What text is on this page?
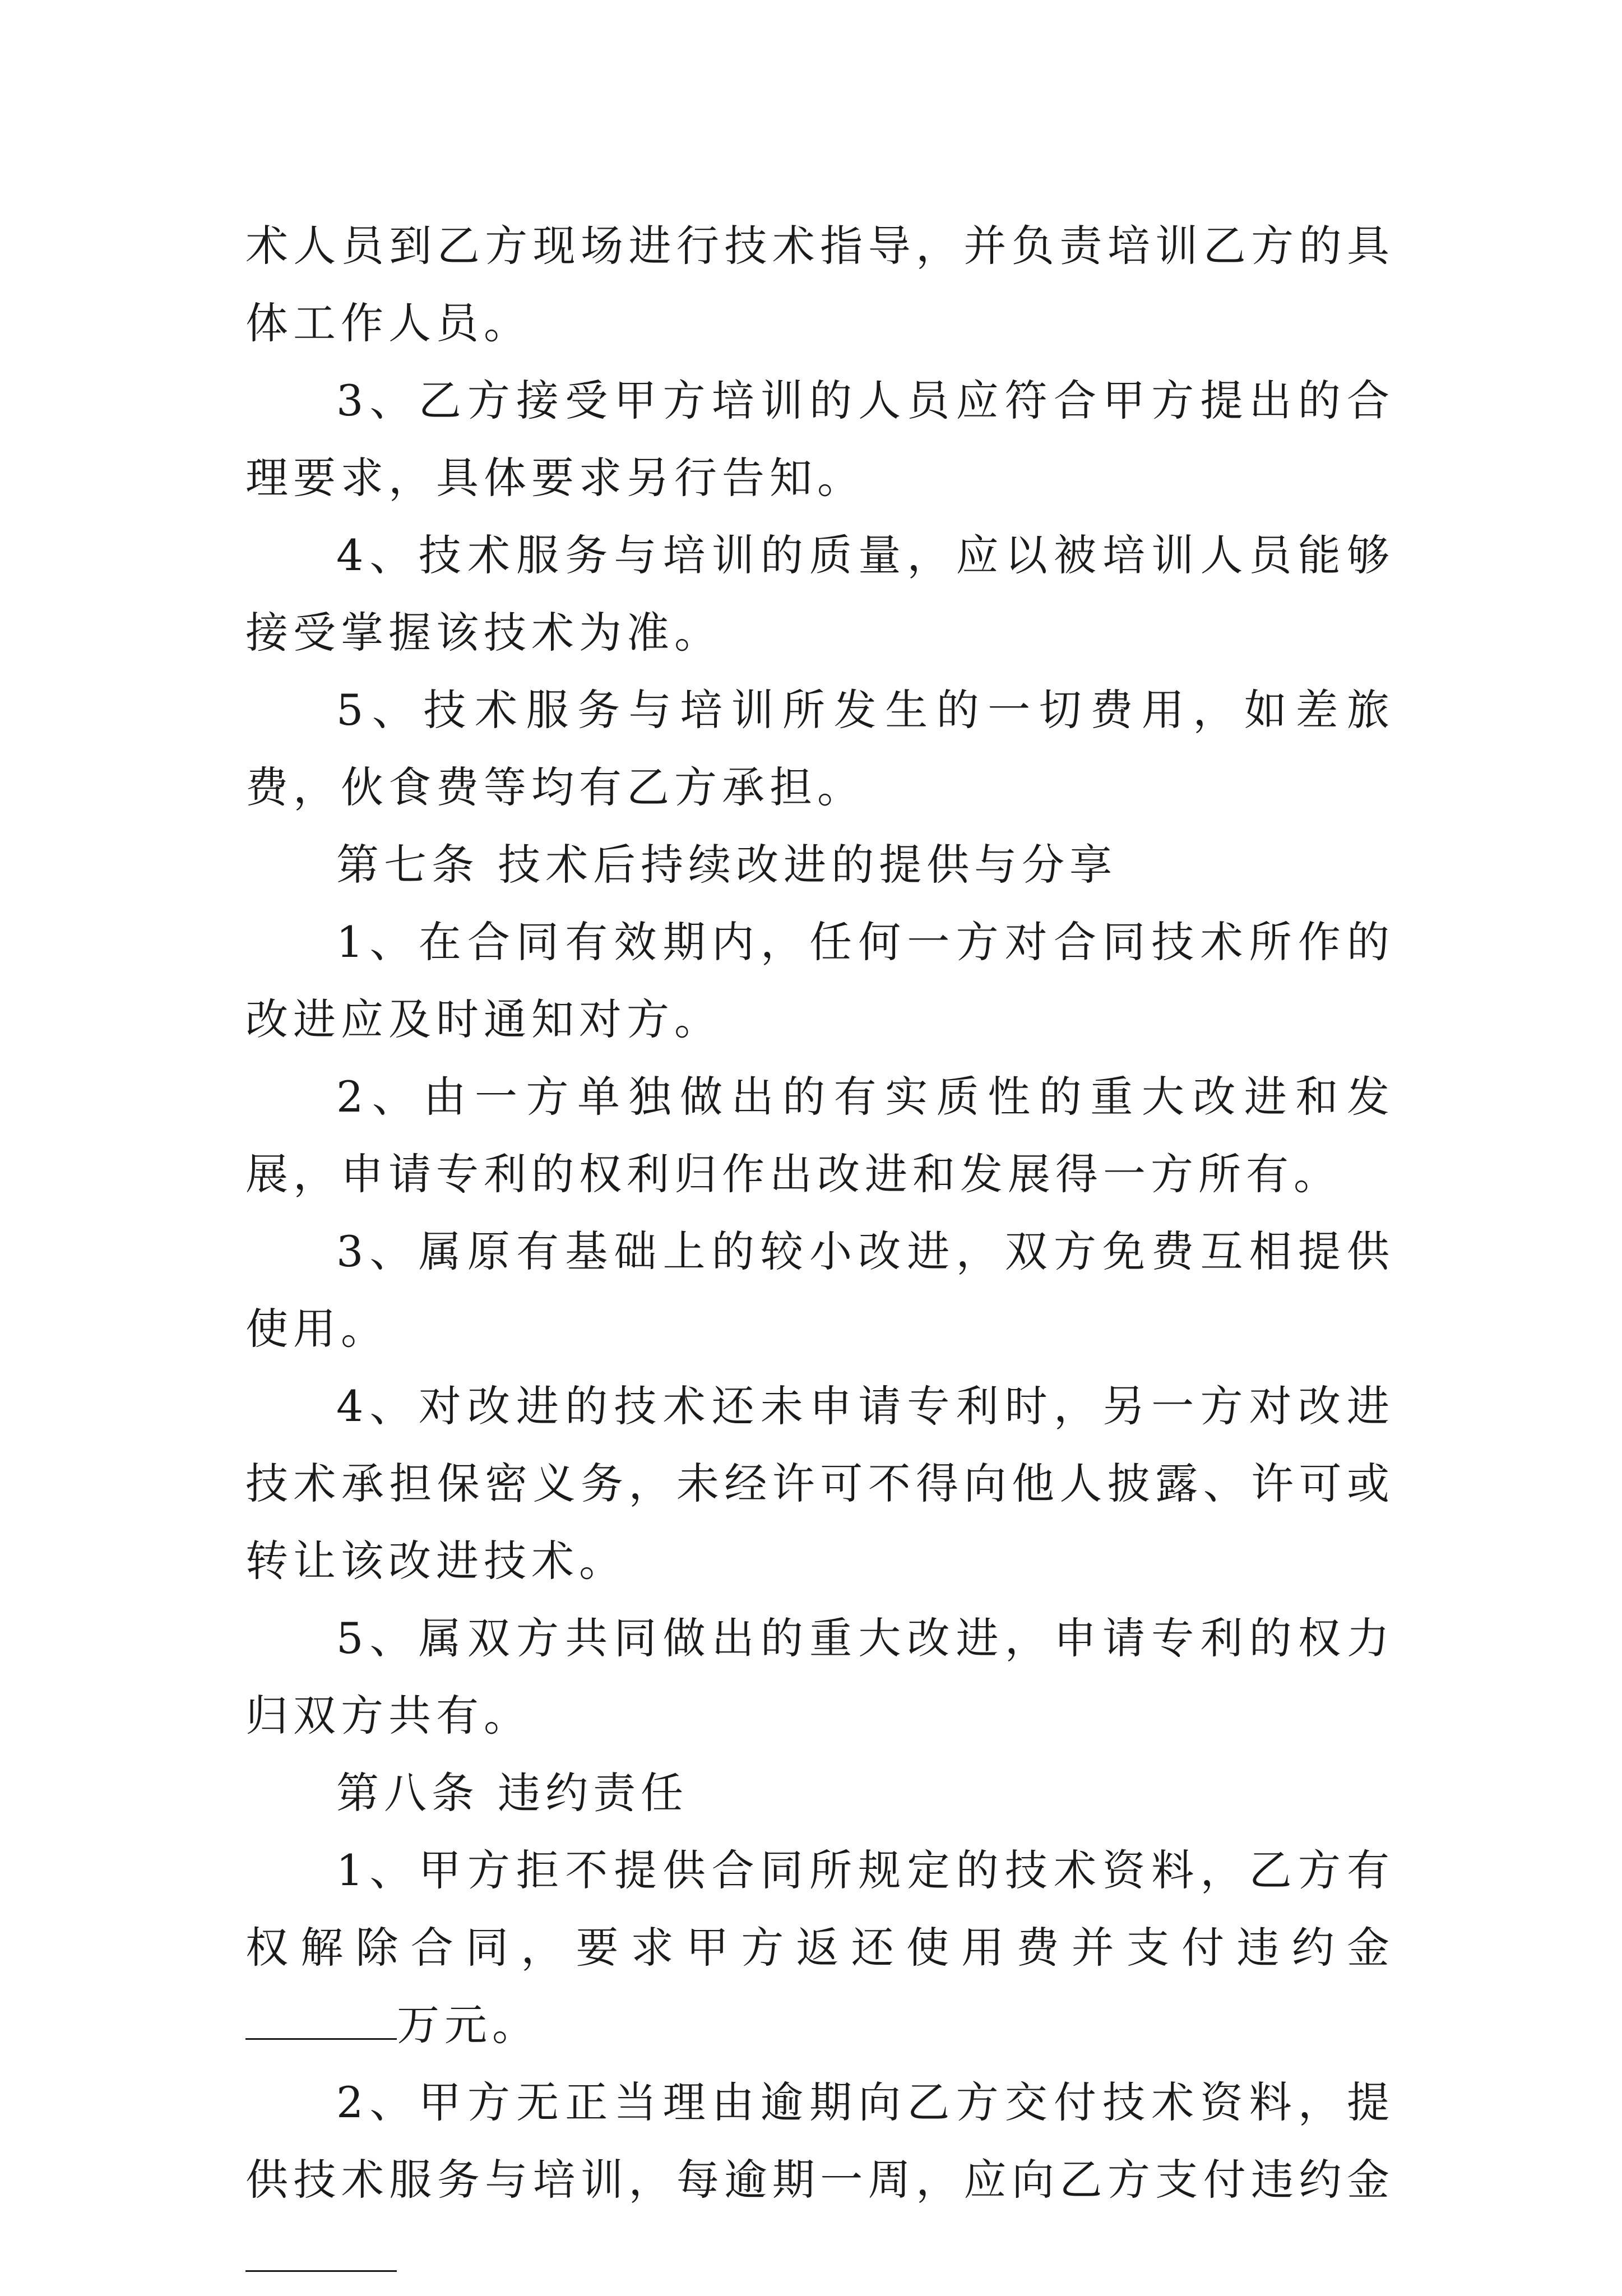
术人员到乙方现场进行技术指导，并负责培训乙方的具体工作人员。

3、乙方接受甲方培训的人员应符合甲方提出的合理要求，具体要求另行告知。

4、技术服务与培训的质量，应以被培训人员能够接受掌握该技术为准。

5、技术服务与培训所发生的一切费用，如差旅费，伙食费等均有乙方承担。

第七条 技术后持续改进的提供与分享

1、在合同有效期内，任何一方对合同技术所作的改进应及时通知对方。

2、由一方单独做出的有实质性的重大改进和发展，申请专利的权利归作出改进和发展得一方所有。

3、属原有基础上的较小改进，双方免费互相提供使用。

4、对改进的技术还未申请专利时，另一方对改进技术承担保密义务，未经许可不得向他人披露、许可或转让该改进技术。

5、属双方共同做出的重大改进，申请专利的权力归双方共有。

第八条 违约责任

1、甲方拒不提供合同所规定的技术资料，乙方有权解除合同，要求甲方返还使用费并支付违约金万元。

2、甲方无正当理由逾期向乙方交付技术资料，提供技术服务与培训，每逾期一周，应向乙方支付违约金
